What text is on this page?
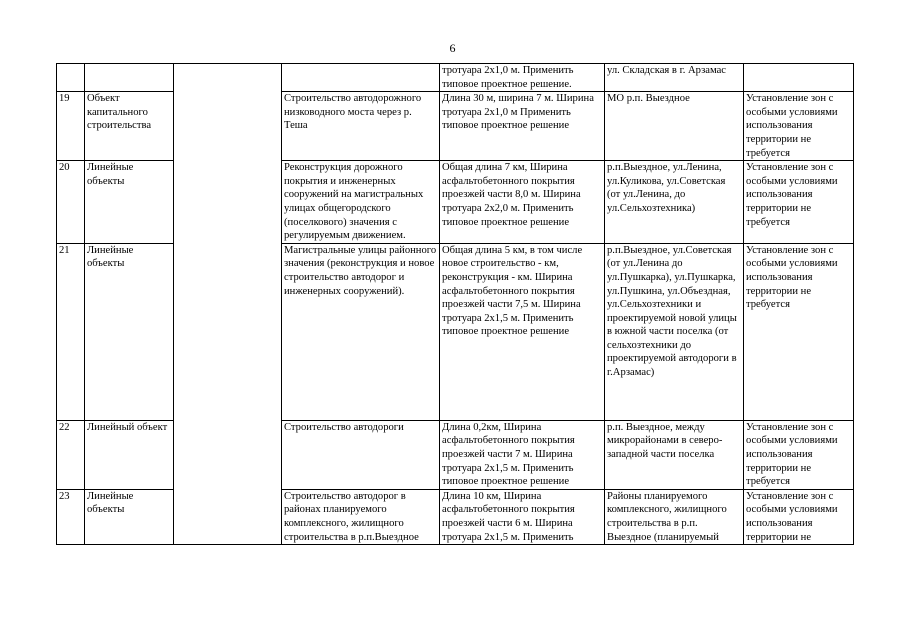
6
				тротуара 2х1,0 м. Применить типовое проектное решение.	ул. Складская в г. Арзамас	
19	Объект капитального строительства		Строительство автодорожного низководного моста через р. Теша	Длина 30 м, ширина 7 м. Ширина тротуара 2х1,0 м Применить типовое проектное решение	МО р.п. Выездное	Установление зон с особыми условиями использования территории не требуется
20	Линейные объекты		Реконструкция дорожного покрытия и инженерных сооружений на магистральных улицах общегородского (поселкового) значения с регулируемым движением.	Общая длина 7 км, Ширина асфальтобетонного покрытия проезжей части 8,0 м. Ширина тротуара 2х2,0 м. Применить типовое проектное решение	р.п.Выездное, ул.Ленина, ул.Куликова, ул.Советская (от ул.Ленина, до ул.Сельхозтехника)	Установление зон с особыми условиями использования территории не требуется
21	Линейные объекты		Магистральные улицы районного значения (реконструкция и новое строительство автодорог и инженерных сооружений).	Общая длина 5 км, в том числе новое строительство - км, реконструкция - км. Ширина асфальтобетонного покрытия проезжей части 7,5 м. Ширина тротуара 2х1,5 м. Применить типовое проектное решение	р.п.Выездное, ул.Советская (от ул.Ленина до ул.Пушкарка), ул.Пушкарка, ул.Пушкина, ул.Объездная, ул.Сельхозтехники и проектируемой новой улицы в южной части поселка (от сельхозтехники до проектируемой автодороги в г.Арзамас)	Установление зон с особыми условиями использования территории не требуется
22	Линейный объект		Строительство автодороги	Длина 0,2км, Ширина асфальтобетонного покрытия проезжей части 7 м. Ширина тротуара 2х1,5 м. Применить типовое проектное решение	р.п. Выездное, между микрорайонами в северо-западной части поселка	Установление зон с особыми условиями использования территории не требуется
23	Линейные объекты		Строительство автодорог в районах планируемого комплексного, жилищного строительства в р.п.Выездное	Длина 10 км, Ширина асфальтобетонного покрытия проезжей части 6 м. Ширина тротуара 2х1,5 м. Применить	Районы планируемого комплексного, жилищного строительства в р.п. Выездное (планируемый	Установление зон с особыми условиями использования территории не
